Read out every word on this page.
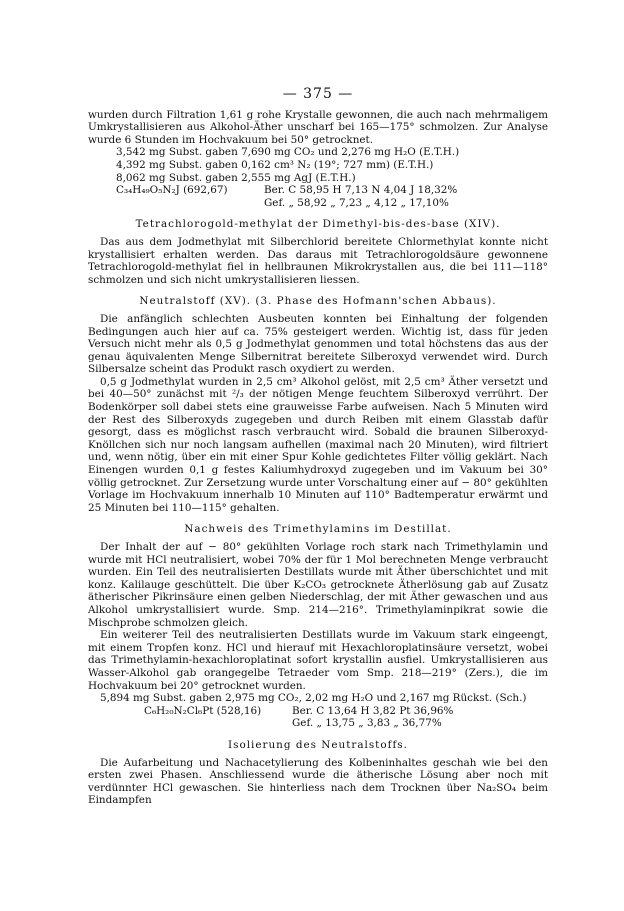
— 375 —

wurden durch Filtration 1,61 g rohe Krystalle gewonnen, die auch nach mehrmaligem Umkrystallisieren aus Alkohol-Äther unscharf bei 165—175° schmolzen. Zur Analyse wurde 6 Stunden im Hochvakuum bei 50° getrocknet.

3,542 mg Subst. gaben 7,690 mg CO₂ und 2,276 mg H₂O (E.T.H.)
4,392 mg Subst. gaben 0,162 cm³ N₂ (19°; 727 mm) (E.T.H.)
8,062 mg Subst. gaben 2,555 mg AgJ (E.T.H.)
C₃₄H₄₉O₅N₂J (692,67)	Ber. C 58,95 H 7,13 N 4,04 J 18,32%
Gef. „ 58,92 „ 7,23 „ 4,12 „ 17,10%
Tetrachlorogold-methylat der Dimethyl-bis-des-base (XIV).

Das aus dem Jodmethylat mit Silberchlorid bereitete Chlormethylat konnte nicht krystallisiert erhalten werden. Das daraus mit Tetrachlorogoldsäure gewonnene Tetrachlorogold-methylat fiel in hellbraunen Mikrokrystallen aus, die bei 111—118° schmolzen und sich nicht umkrystallisieren liessen.

Neutralstoff (XV). (3. Phase des Hofmann'schen Abbaus).

Die anfänglich schlechten Ausbeuten konnten bei Einhaltung der folgenden Bedingungen auch hier auf ca. 75% gesteigert werden. Wichtig ist, dass für jeden Versuch nicht mehr als 0,5 g Jodmethylat genommen und total höchstens das aus der genau äquivalenten Menge Silbernitrat bereitete Silberoxyd verwendet wird. Durch Silbersalze scheint das Produkt rasch oxydiert zu werden.

0,5 g Jodmethylat wurden in 2,5 cm³ Alkohol gelöst, mit 2,5 cm³ Äther versetzt und bei 40—50° zunächst mit ²/₃ der nötigen Menge feuchtem Silberoxyd verrührt. Der Bodenkörper soll dabei stets eine grauweisse Farbe aufweisen. Nach 5 Minuten wird der Rest des Silberoxyds zugegeben und durch Reiben mit einem Glasstab dafür gesorgt, dass es möglichst rasch verbraucht wird. Sobald die braunen Silberoxyd-Knöllchen sich nur noch langsam aufhellen (maximal nach 20 Minuten), wird filtriert und, wenn nötig, über ein mit einer Spur Kohle gedichtetes Filter völlig geklärt. Nach Einengen wurden 0,1 g festes Kaliumhydroxyd zugegeben und im Vakuum bei 30° völlig getrocknet. Zur Zersetzung wurde unter Vorschaltung einer auf − 80° gekühlten Vorlage im Hochvakuum innerhalb 10 Minuten auf 110° Badtemperatur erwärmt und 25 Minuten bei 110—115° gehalten.

Nachweis des Trimethylamins im Destillat.

Der Inhalt der auf − 80° gekühlten Vorlage roch stark nach Trimethylamin und wurde mit HCl neutralisiert, wobei 70% der für 1 Mol berechneten Menge verbraucht wurden. Ein Teil des neutralisierten Destillats wurde mit Äther überschichtet und mit konz. Kalilauge geschüttelt. Die über K₂CO₃ getrocknete Ätherlösung gab auf Zusatz ätherischer Pikrinsäure einen gelben Niederschlag, der mit Äther gewaschen und aus Alkohol umkrystallisiert wurde. Smp. 214—216°. Trimethylaminpikrat sowie die Mischprobe schmolzen gleich.

Ein weiterer Teil des neutralisierten Destillats wurde im Vakuum stark eingeengt, mit einem Tropfen konz. HCl und hierauf mit Hexachloroplatinsäure versetzt, wobei das Trimethylamin-hexachloroplatinat sofort krystallin ausfiel. Umkrystallisieren aus Wasser-Alkohol gab orangegelbe Tetraeder vom Smp. 218—219° (Zers.), die im Hochvakuum bei 20° getrocknet wurden.

5,894 mg Subst. gaben 2,975 mg CO₂, 2,02 mg H₂O und 2,167 mg Rückst. (Sch.)
C₆H₂₀N₂Cl₆Pt (528,16)	Ber. C 13,64 H 3,82 Pt 36,96%
Gef. „ 13,75 „ 3,83 „ 36,77%
Isolierung des Neutralstoffs.

Die Aufarbeitung und Nachacetylierung des Kolbeninhaltes geschah wie bei den ersten zwei Phasen. Anschliessend wurde die ätherische Lösung aber noch mit verdünnter HCl gewaschen. Sie hinterliess nach dem Trocknen über Na₂SO₄ beim Eindampfen
